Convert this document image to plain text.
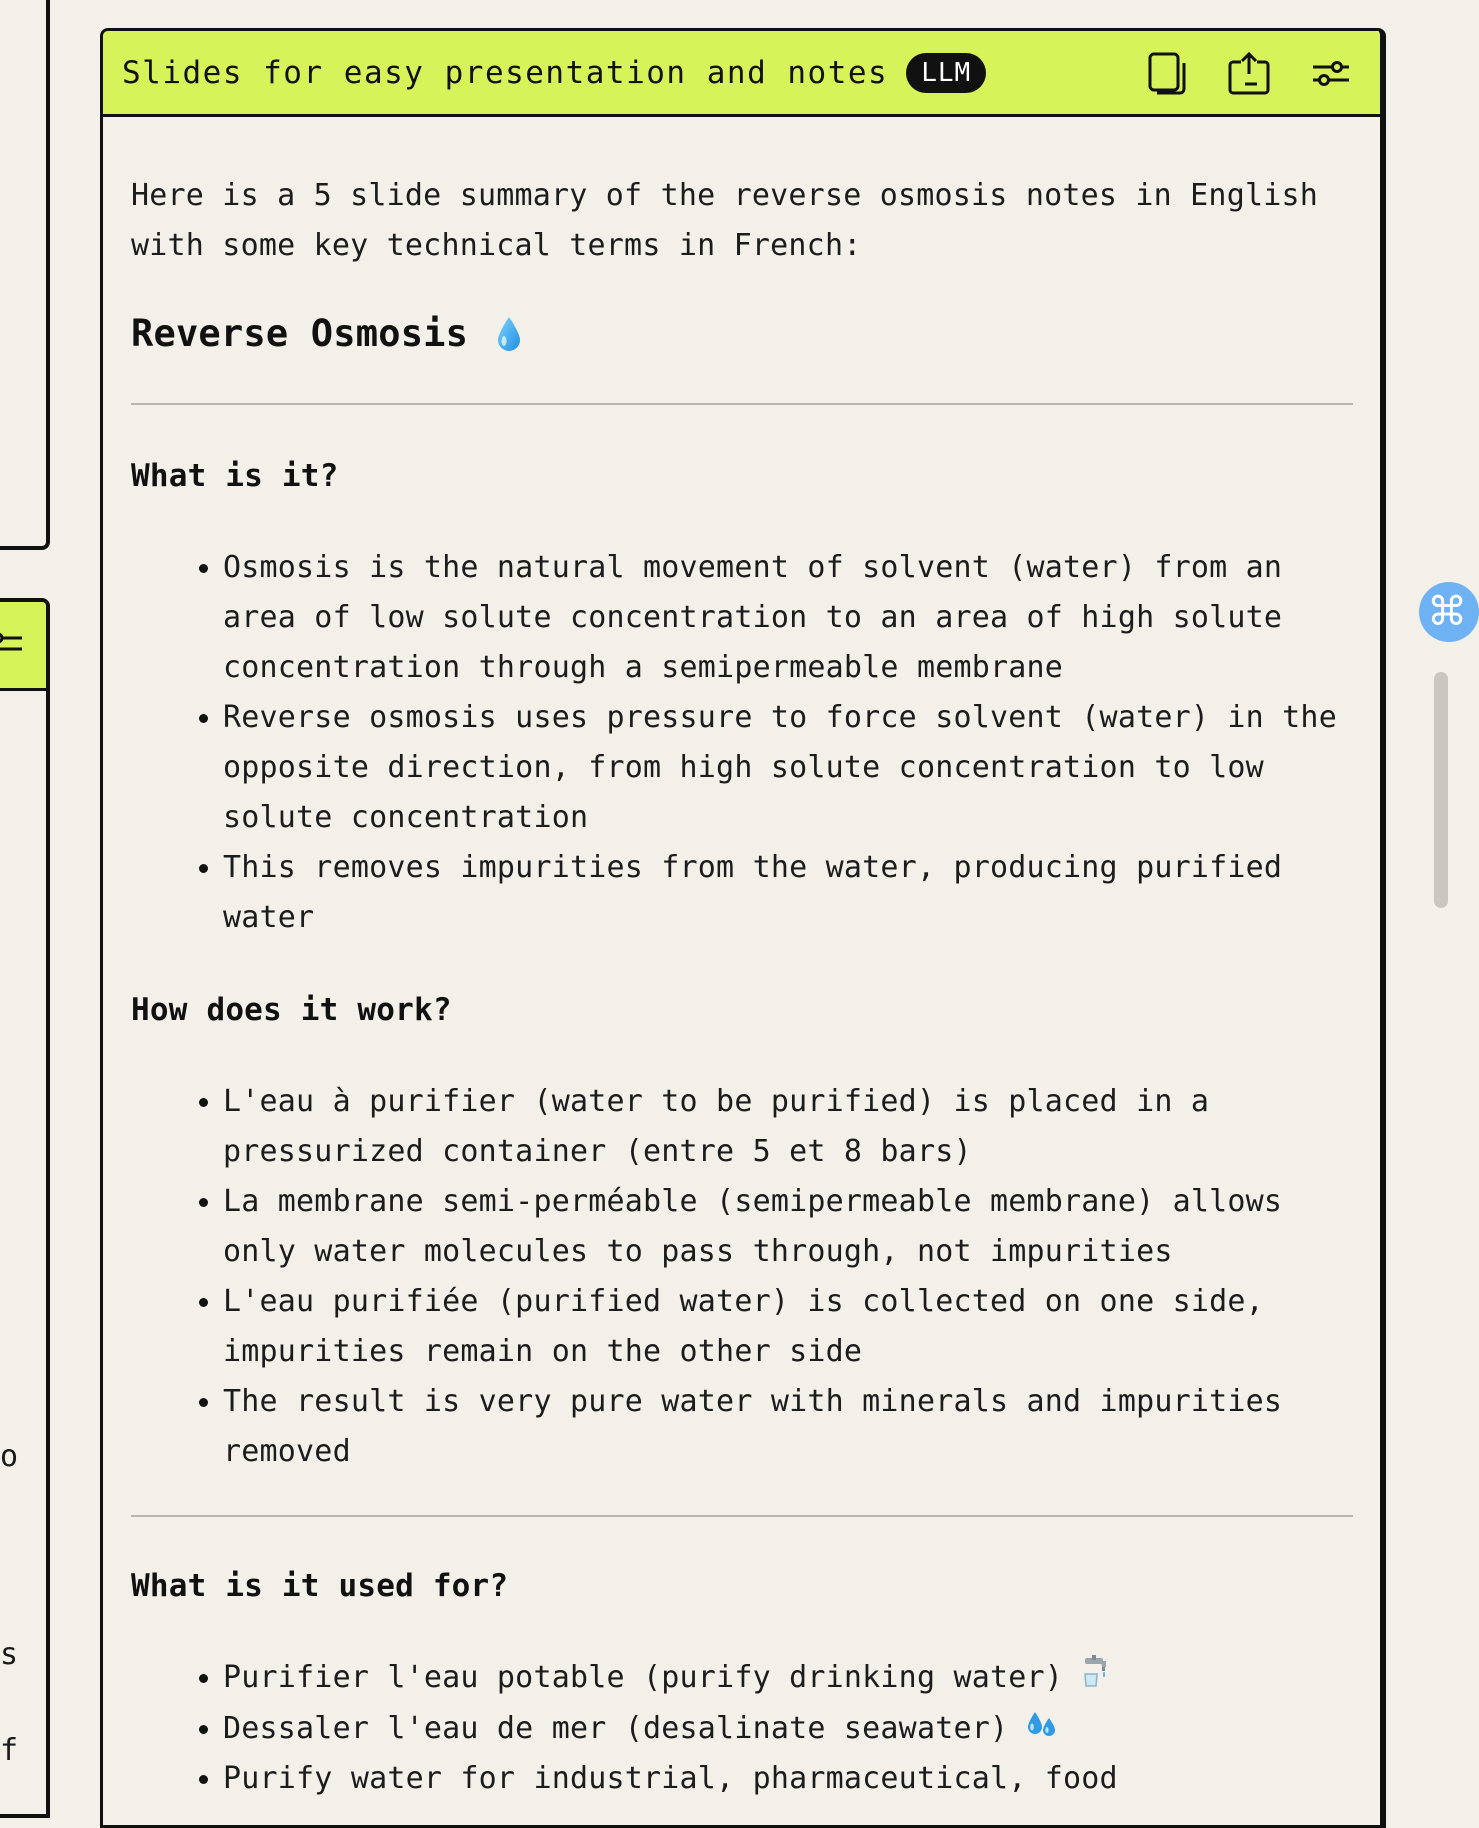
o
s
f
Slides for easy presentation and notes	LLM

Here is a 5 slide summary of the reverse osmosis notes in English with some key technical terms in French:

Reverse Osmosis
What is it?
Osmosis is the natural movement of solvent (water) from an area of low solute concentration to an area of high solute concentration through a semipermeable membrane
Reverse osmosis uses pressure to force solvent (water) in the opposite direction, from high solute concentration to low solute concentration
This removes impurities from the water, producing purified water
How does it work?
L'eau à purifier (water to be purified) is placed in a pressurized container (entre 5 et 8 bars)
La membrane semi-perméable (semipermeable membrane) allows only water molecules to pass through, not impurities
L'eau purifiée (purified water) is collected on one side, impurities remain on the other side
The result is very pure water with minerals and impurities removed
What is it used for?
Purifier l'eau potable (purify drinking water)
Dessaler l'eau de mer (desalinate seawater)
Purify water for industrial, pharmaceutical, food
⌘
